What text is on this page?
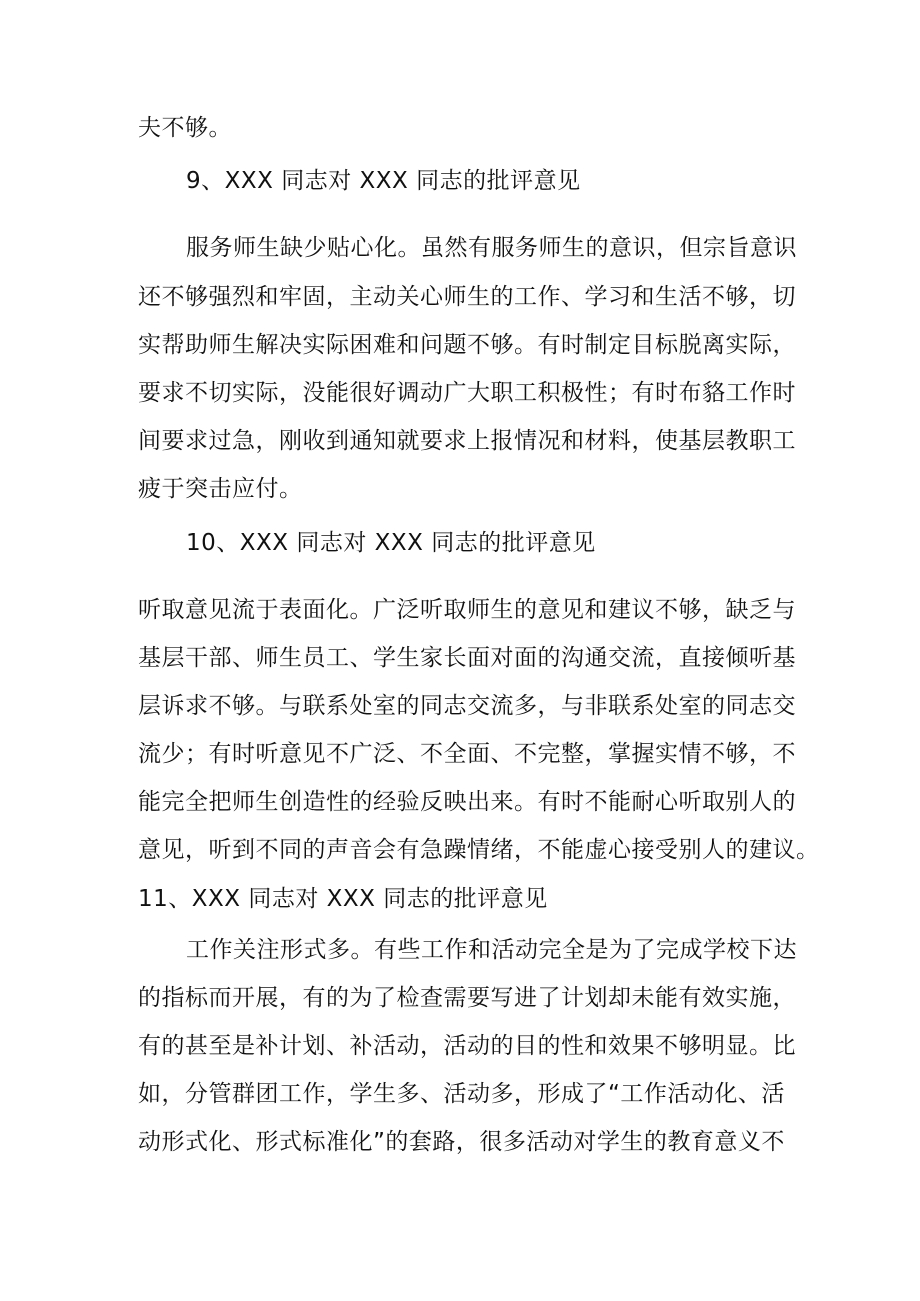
夫不够。
9、XXX 同志对 XXX 同志的批评意见
服务师生缺少贴心化。虽然有服务师生的意识，但宗旨意识
还不够强烈和牢固，主动关心师生的工作、学习和生活不够，切
实帮助师生解决实际困难和问题不够。有时制定目标脱离实际，
要求不切实际，没能很好调动广大职工积极性；有时布貉工作时
间要求过急，刚收到通知就要求上报情况和材料，使基层教职工
疲于突击应付。
10、XXX 同志对 XXX 同志的批评意见
听取意见流于表面化。广泛听取师生的意见和建议不够，缺乏与
基层干部、师生员工、学生家长面对面的沟通交流，直接倾听基
层诉求不够。与联系处室的同志交流多，与非联系处室的同志交
流少；有时听意见不广泛、不全面、不完整，掌握实情不够，不
能完全把师生创造性的经验反映出来。有时不能耐心听取别人的
意见，听到不同的声音会有急躁情绪，不能虚心接受别人的建议。
11、XXX 同志对 XXX 同志的批评意见
工作关注形式多。有些工作和活动完全是为了完成学校下达
的指标而开展，有的为了检查需要写进了计划却未能有效实施，
有的甚至是补计划、补活动，活动的目的性和效果不够明显。比
如，分管群团工作，学生多、活动多，形成了“工作活动化、活
动形式化、形式标准化”的套路，很多活动对学生的教育意义不
